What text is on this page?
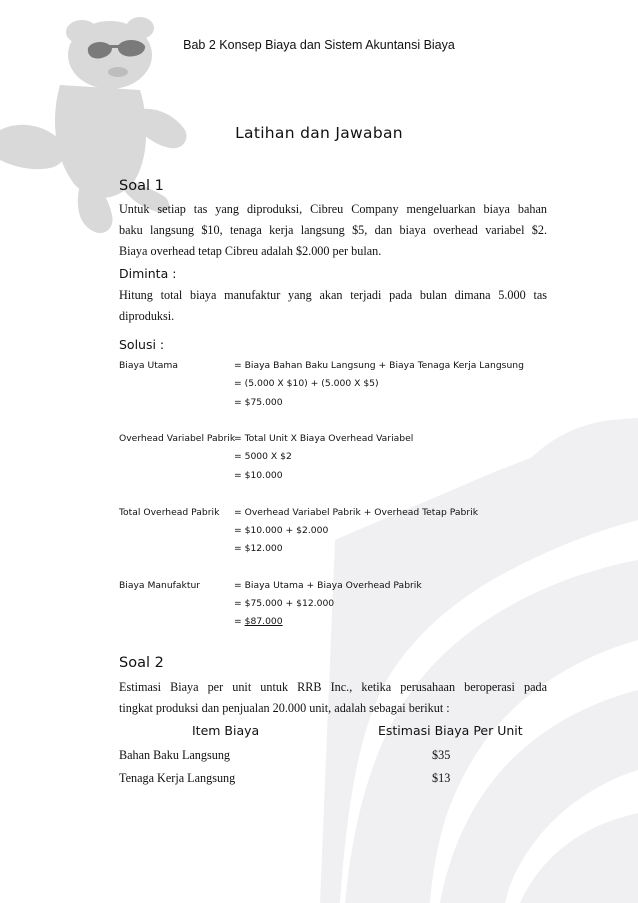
Bab 2 Konsep Biaya dan Sistem Akuntansi Biaya
Latihan dan Jawaban
Soal 1
Untuk setiap tas yang diproduksi, Cibreu Company mengeluarkan biaya bahan
baku langsung $10, tenaga kerja langsung $5, dan biaya overhead variabel $2.
Biaya overhead tetap Cibreu adalah $2.000 per bulan.
Diminta :
Hitung total biaya manufaktur yang akan terjadi pada bulan dimana 5.000 tas
diproduksi.
Solusi :
Biaya Utama	= Biaya Bahan Baku Langsung + Biaya Tenaga Kerja Langsung
= (5.000 X $10) + (5.000 X $5)
= $75.000
Overhead Variabel Pabrik
= Total Unit X Biaya Overhead Variabel
= 5000 X $2
= $10.000
Total Overhead Pabrik = Overhead Variabel Pabrik + Overhead Tetap Pabrik
= $10.000 + $2.000
= $12.000
Biaya Manufaktur	= Biaya Utama + Biaya Overhead Pabrik
= $75.000 + $12.000
= $87.000
Soal 2
Estimasi Biaya per unit untuk RRB Inc., ketika perusahaan beroperasi pada
tingkat produksi dan penjualan 20.000 unit, adalah sebagai berikut :
Item Biaya	Estimasi Biaya Per Unit
Bahan Baku Langsung	$35
Tenaga Kerja Langsung	$13
